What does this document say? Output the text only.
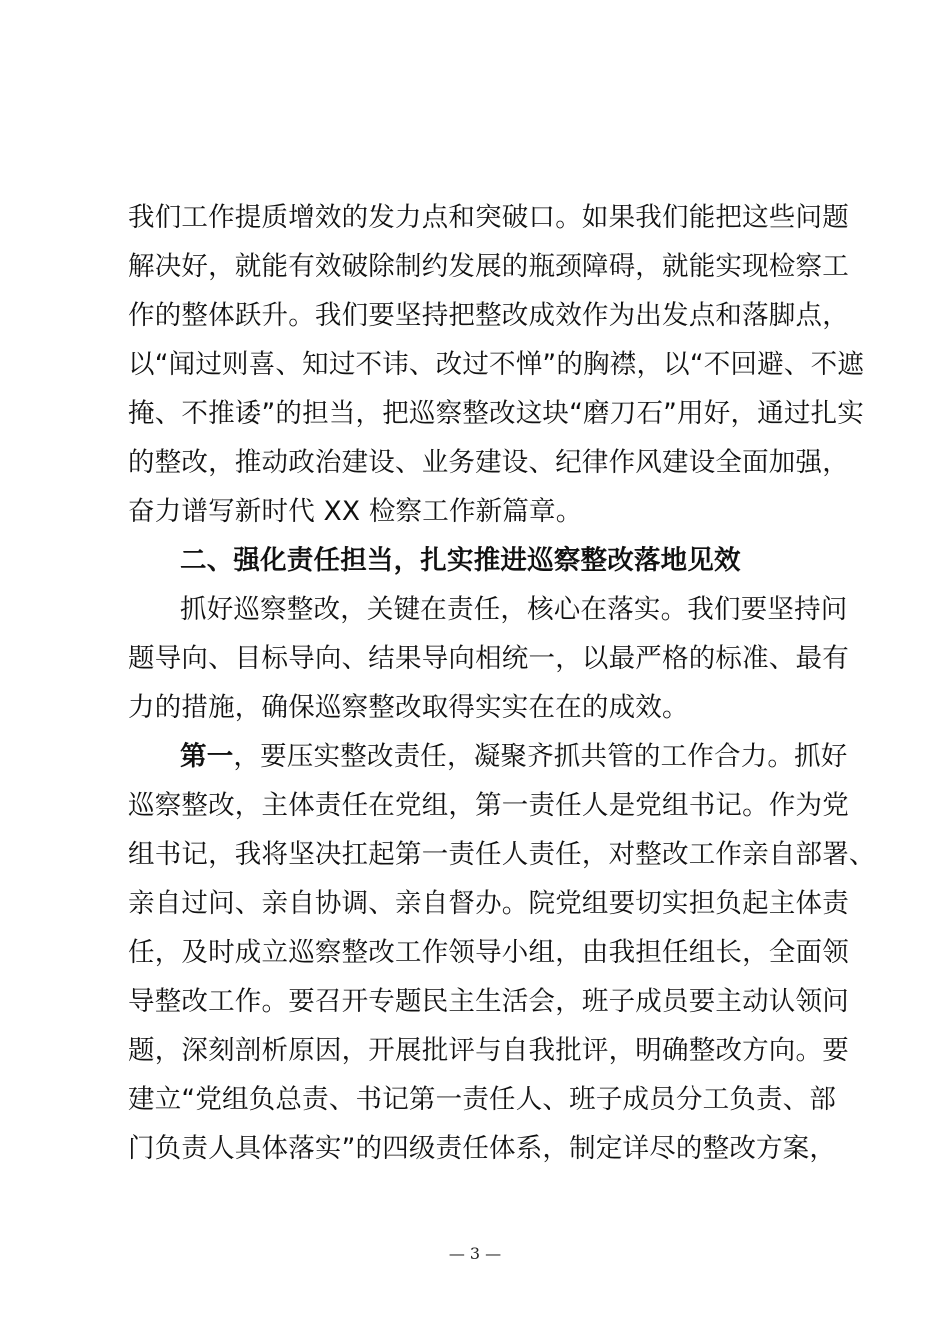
我们工作提质增效的发力点和突破口。如果我们能把这些问题
解决好，就能有效破除制约发展的瓶颈障碍，就能实现检察工
作的整体跃升。我们要坚持把整改成效作为出发点和落脚点，
以“闻过则喜、知过不讳、改过不惮”的胸襟，以“不回避、不遮
掩、不推诿”的担当，把巡察整改这块“磨刀石”用好，通过扎实
的整改，推动政治建设、业务建设、纪律作风建设全面加强，
奋力谱写新时代 XX 检察工作新篇章。
二、强化责任担当，扎实推进巡察整改落地见效
抓好巡察整改，关键在责任，核心在落实。我们要坚持问
题导向、目标导向、结果导向相统一，以最严格的标准、最有
力的措施，确保巡察整改取得实实在在的成效。
第一，要压实整改责任，凝聚齐抓共管的工作合力。抓好
巡察整改，主体责任在党组，第一责任人是党组书记。作为党
组书记，我将坚决扛起第一责任人责任，对整改工作亲自部署、
亲自过问、亲自协调、亲自督办。院党组要切实担负起主体责
任，及时成立巡察整改工作领导小组，由我担任组长，全面领
导整改工作。要召开专题民主生活会，班子成员要主动认领问
题，深刻剖析原因，开展批评与自我批评，明确整改方向。要
建立“党组负总责、书记第一责任人、班子成员分工负责、部
门负责人具体落实”的四级责任体系，制定详尽的整改方案，
— 3 —
